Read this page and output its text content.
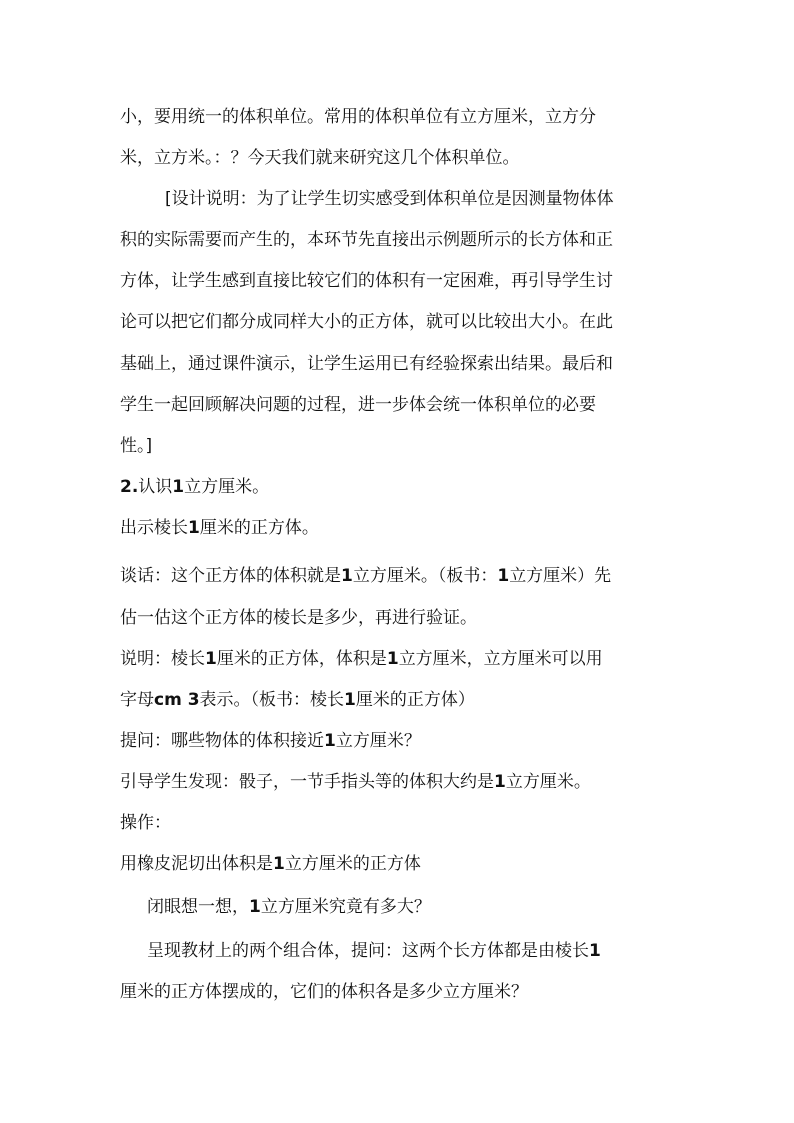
小，要用统一的体积单位。常用的体积单位有立方厘米，立方分
米，立方米。：？今天我们就来研究这几个体积单位。
[设计说明：为了让学生切实感受到体积单位是因测量物体体
积的实际需要而产生的，本环节先直接出示例题所示的长方体和正
方体，让学生感到直接比较它们的体积有一定困难，再引导学生讨
论可以把它们都分成同样大小的正方体，就可以比较出大小。在此
基础上，通过课件演示，让学生运用已有经验探索出结果。最后和
学生一起回顾解决问题的过程，进一步体会统一体积单位的必要
性。]
2.认识1立方厘米。
出示棱长1厘米的正方体。
谈话：这个正方体的体积就是1立方厘米。（板书：1立方厘米）先
估一估这个正方体的棱长是多少，再进行验证。
说明：棱长1厘米的正方体，体积是1立方厘米，立方厘米可以用
字母cm 3表示。（板书：棱长1厘米的正方体）
提问：哪些物体的体积接近1立方厘米？
引导学生发现：骰子，一节手指头等的体积大约是1立方厘米。
操作：
用橡皮泥切出体积是1立方厘米的正方体
闭眼想一想，1立方厘米究竟有多大？
呈现教材上的两个组合体，提问：这两个长方体都是由棱长1
厘米的正方体摆成的，它们的体积各是多少立方厘米？
